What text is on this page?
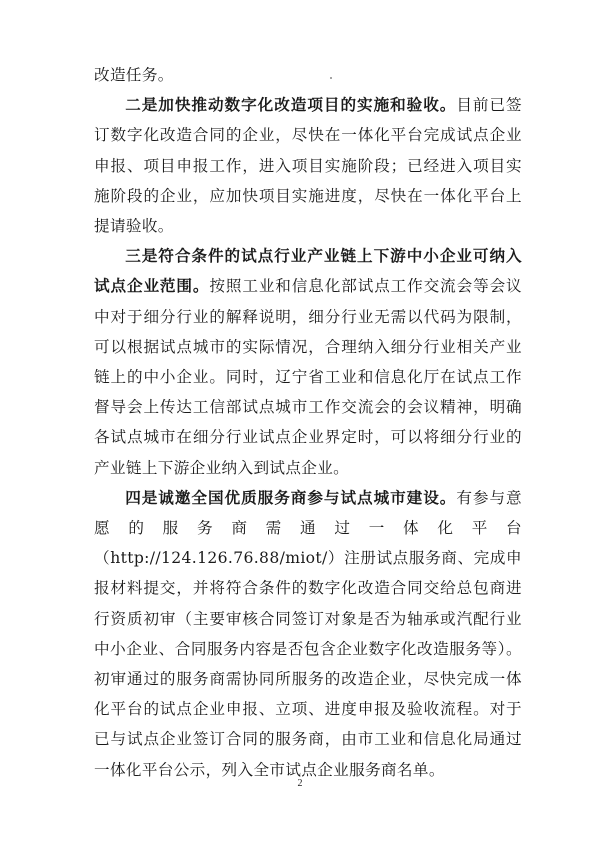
改造任务。

二是加快推动数字化改造项目的实施和验收。目前已签订数字化改造合同的企业，尽快在一体化平台完成试点企业申报、项目申报工作，进入项目实施阶段；已经进入项目实施阶段的企业，应加快项目实施进度，尽快在一体化平台上提请验收。

三是符合条件的试点行业产业链上下游中小企业可纳入试点企业范围。按照工业和信息化部试点工作交流会等会议中对于细分行业的解释说明，细分行业无需以代码为限制，可以根据试点城市的实际情况，合理纳入细分行业相关产业链上的中小企业。同时，辽宁省工业和信息化厅在试点工作督导会上传达工信部试点城市工作交流会的会议精神，明确各试点城市在细分行业试点企业界定时，可以将细分行业的产业链上下游企业纳入到试点企业。

四是诚邀全国优质服务商参与试点城市建设。有参与意愿的服务商需通过一体化平台（http://124.126.76.88/miot/）注册试点服务商、完成申报材料提交，并将符合条件的数字化改造合同交给总包商进行资质初审（主要审核合同签订对象是否为轴承或汽配行业中小企业、合同服务内容是否包含企业数字化改造服务等）。初审通过的服务商需协同所服务的改造企业，尽快完成一体化平台的试点企业申报、立项、进度申报及验收流程。对于已与试点企业签订合同的服务商，由市工业和信息化局通过一体化平台公示，列入全市试点企业服务商名单。

2
